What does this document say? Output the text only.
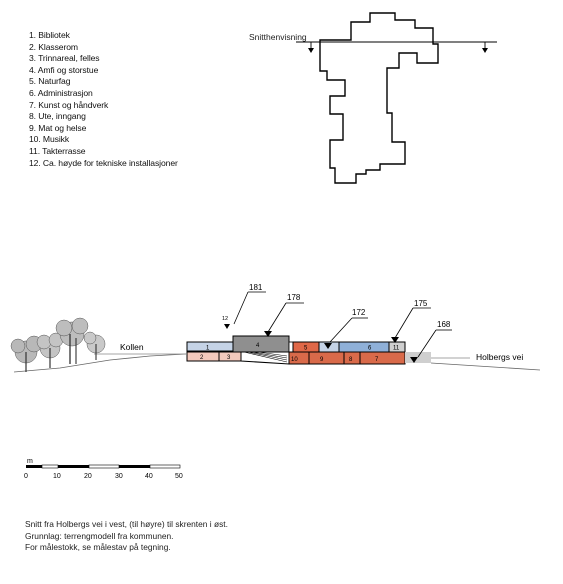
1. Bibliotek
2. Klasserom
3. Trinnareal, felles
4. Amfi og storstue
5. Naturfag
6. Administrasjon
7. Kunst og håndverk
8. Ute, inngang
9. Mat og helse
10. Musikk
11. Takterrasse
12. Ca. høyde for tekniske installasjoner
Snitthenvisning
Kollen
Holbergs vei
1	4	5	6	11
2	3	10	9	8	7
12
181
178
172
175
168
m
0	10	20	30	40	50
Snitt fra Holbergs vei i vest, (til høyre) til skrenten i øst.
Grunnlag: terrengmodell fra kommunen.
For målestokk, se målestav på tegning.
